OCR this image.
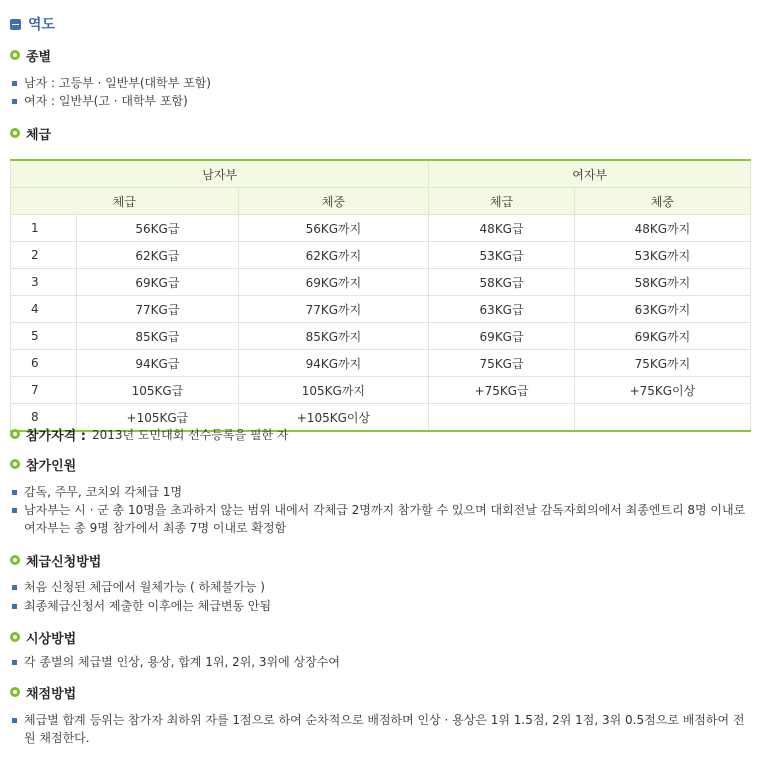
역도
종별
남자 : 고등부 · 일반부(대학부 포함)
여자 : 일반부(고 · 대학부 포함)
체급
남자부			여자부	
체급		체중	체급	체중
1	56KG급	56KG까지	48KG급	48KG까지
2	62KG급	62KG까지	53KG급	53KG까지
3	69KG급	69KG까지	58KG급	58KG까지
4	77KG급	77KG까지	63KG급	63KG까지
5	85KG급	85KG까지	69KG급	69KG까지
6	94KG급	94KG까지	75KG급	75KG까지
7	105KG급	105KG까지	+75KG급	+75KG이상
8	+105KG급	+105KG이상		
참가자격 : 2013년 도민대회 선수등록을 필한 자
참가인원
감독, 주무, 코치외 각체급 1명
남자부는 시 · 군 총 10명을 초과하지 않는 범위 내에서 각체급 2명까지 참가할 수 있으며 대회전날 감독자회의에서 최종엔트리 8명 이내로 여자부는 총 9명 참가에서 최종 7명 이내로 확정함
체급신청방법
처음 신청된 체급에서 월체가능 ( 하체불가능 )
최종체급신청서 제출한 이후에는 체급변동 안됨
시상방법
각 종별의 체급별 인상, 용상, 합계 1위, 2위, 3위에 상장수여
채점방법
체급별 합계 등위는 참가자 최하위 자를 1점으로 하여 순차적으로 배점하며 인상 · 용상은 1위 1.5점, 2위 1점, 3위 0.5점으로 배점하여 전원 채점한다.
